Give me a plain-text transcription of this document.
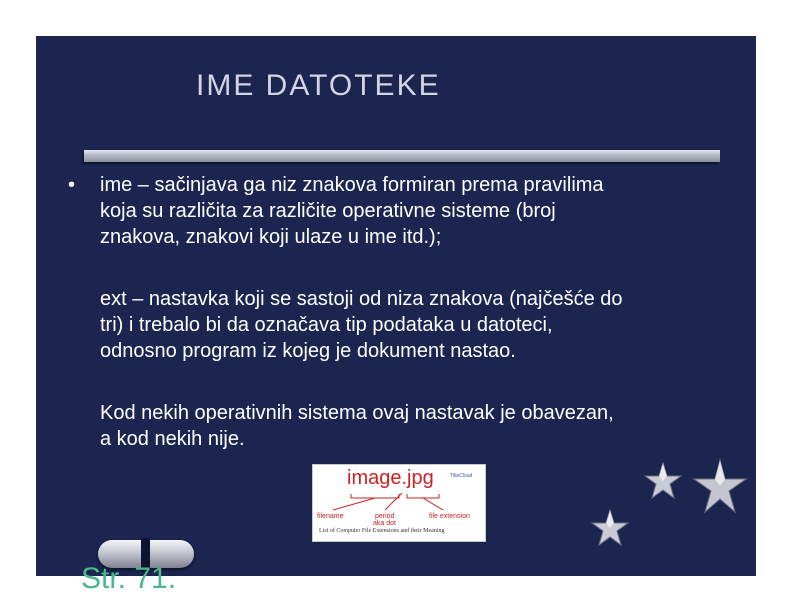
IME DATOTEKE

• ime – sačinjava ga niz znakova formiran prema pravilima
koja su različita za različite operativne sisteme (broj
znakova, znakovi koji ulaze u ime itd.);

ext – nastavka koji se sastoji od niza znakova (najčešće do
tri) i trebalo bi da označava tip podataka u datoteci,
odnosno program iz kojeg je dokument nastao.

Kod nekih operativnih sistema ovaj nastavak je obavezan,
a kod nekih nije.

image.jpg	TitleCloud
filename	period
aka dot
file extension
List of Computer File Extensions and their Meaning

Str. 71.
